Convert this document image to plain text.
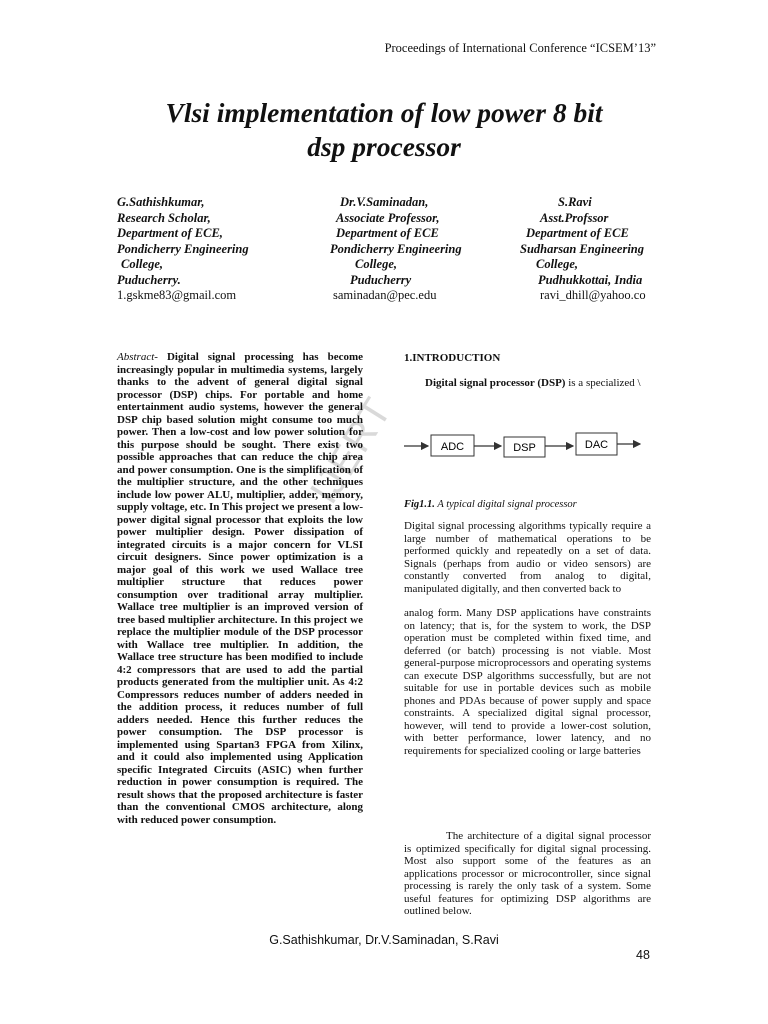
Proceedings of International Conference “ICSEM’13”
Vlsi implementation of low power 8 bit
dsp processor
G.Sathishkumar,
Research Scholar,
Department of ECE,
Pondicherry Engineering
College,
Puducherry.
1.gskme83@gmail.com
Dr.V.Saminadan,
Associate Professor,
Department of ECE
Pondicherry Engineering
College,
Puducherry
saminadan@pec.edu
S.Ravi
Asst.Profssor
Department of ECE
Sudharsan Engineering
College,
Pudhukkottai, India
ravi_dhill@yahoo.co
IJERT
Abstract- Digital signal processing has become increasingly popular in multimedia systems, largely thanks to the advent of general digital signal processor (DSP) chips. For portable and home entertainment audio systems, however the general DSP chip based solution might consume too much power. Then a low-cost and low power solution for this purpose should be sought. There exist two possible approaches that can reduce the chip area and power consumption. One is the simplification of the multiplier structure, and the other techniques include low power ALU, multiplier, adder, memory, supply voltage, etc. In This project we present a low-power digital signal processor that exploits the low power multiplier design. Power dissipation of integrated circuits is a major concern for VLSI circuit designers. Since power optimization is a major goal of this work we used Wallace tree multiplier structure that reduces power consumption over traditional array multiplier. Wallace tree multiplier is an improved version of tree based multiplier architecture. In this project we replace the multiplier module of the DSP processor with Wallace tree multiplier. In addition, the Wallace tree structure has been modified to include 4:2 compressors that are used to add the partial products generated from the multiplier unit. As 4:2 Compressors reduces number of adders needed in the addition process, it reduces number of full adders needed. Hence this further reduces the power consumption. The DSP processor is implemented using Spartan3 FPGA from Xilinx, and it could also implemented using Application specific Integrated Circuits (ASIC) when further reduction in power consumption is required. The result shows that the proposed architecture is faster than the conventional CMOS architecture, along with reduced power consumption.
1.INTRODUCTION
Digital signal processor (DSP) is a specialized \
ADC	DSP	DAC
Fig1.1. A typical digital signal processor
Digital signal processing algorithms typically require a large number of mathematical operations to be performed quickly and repeatedly on a set of data. Signals (perhaps from audio or video sensors) are constantly converted from analog to digital, manipulated digitally, and then converted back to
analog form. Many DSP applications have constraints on latency; that is, for the system to work, the DSP operation must be completed within fixed time, and deferred (or batch) processing is not viable. Most general-purpose microprocessors and operating systems can execute DSP algorithms successfully, but are not suitable for use in portable devices such as mobile phones and PDAs because of power supply and space constraints. A specialized digital signal processor, however, will tend to provide a lower-cost solution, with better performance, lower latency, and no requirements for specialized cooling or large batteries
The architecture of a digital signal processor is optimized specifically for digital signal processing. Most also support some of the features as an applications processor or microcontroller, since signal processing is rarely the only task of a system. Some useful features for optimizing DSP algorithms are outlined below.
G.Sathishkumar, Dr.V.Saminadan, S.Ravi
48
